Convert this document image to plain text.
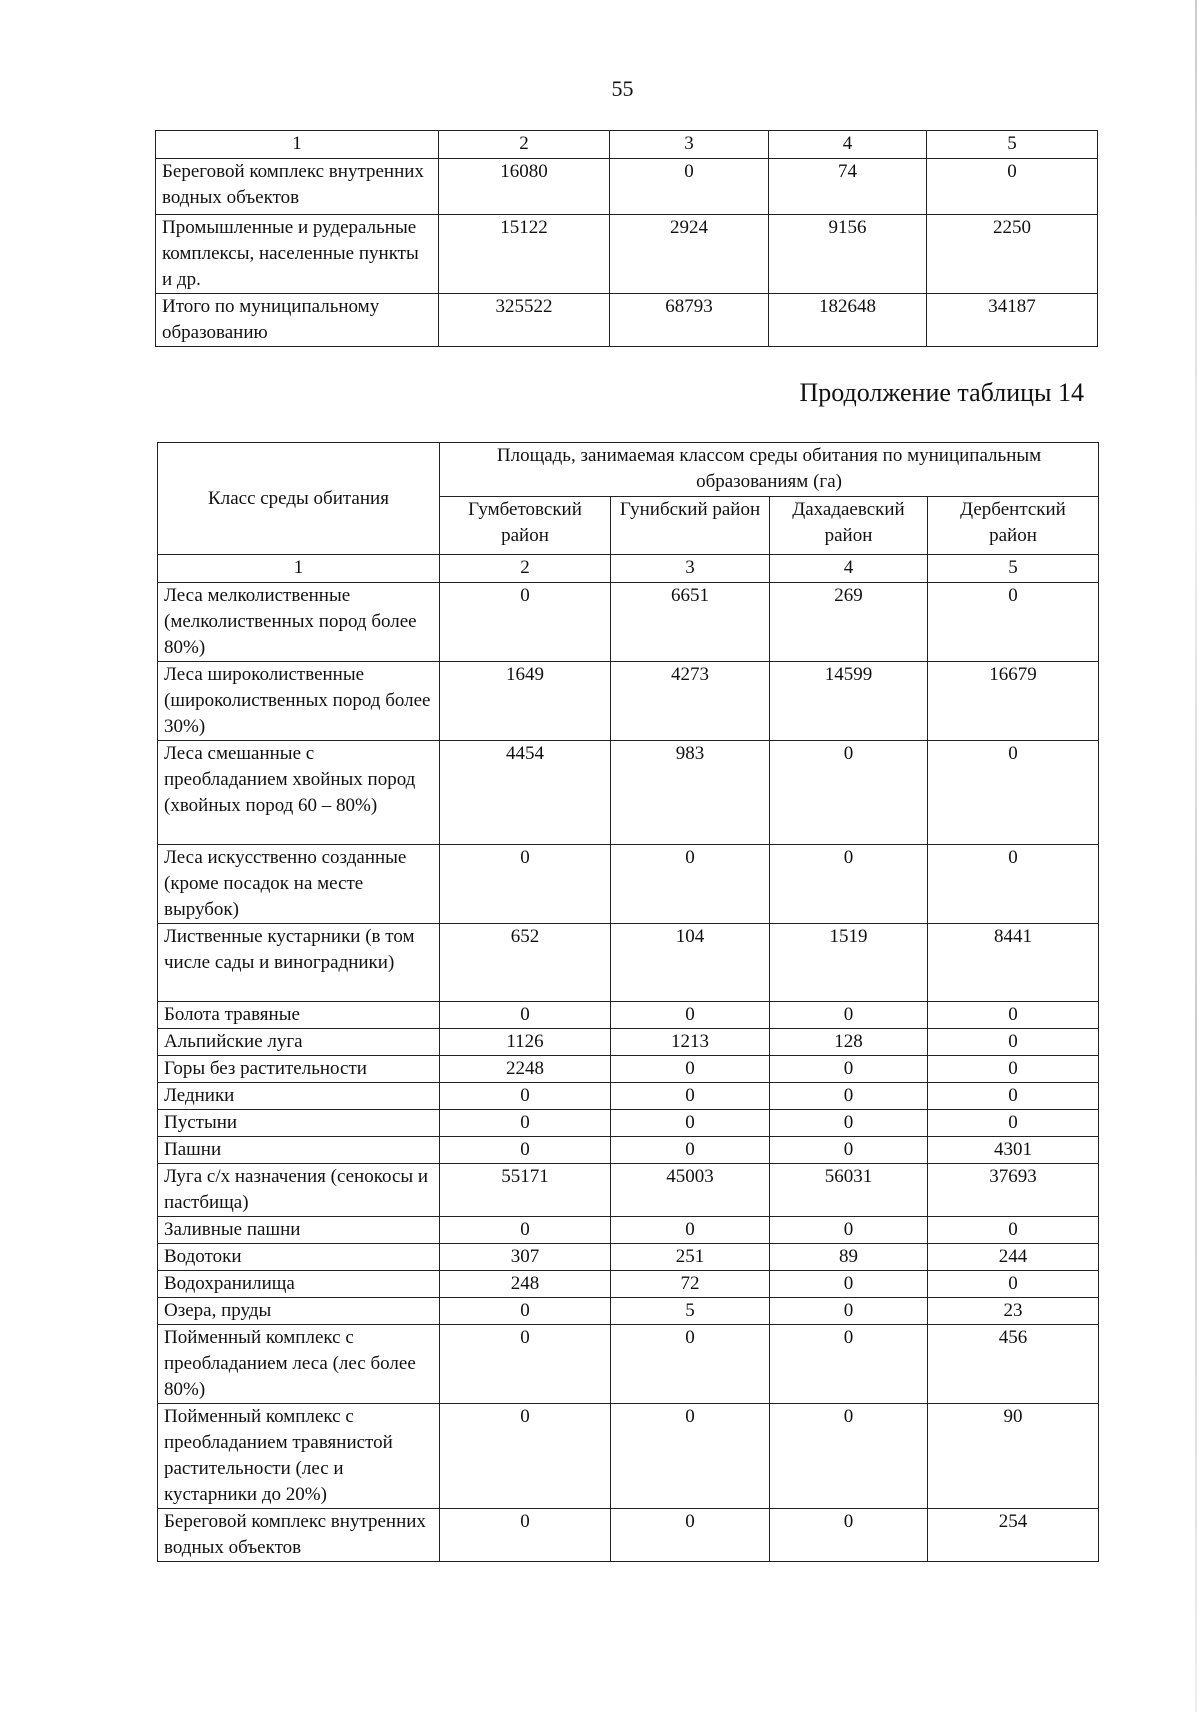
55
1	2	3	4	5
Береговой комплекс внутренних водных объектов	16080	0	74	0
Промышленные и рудеральные комплексы, населенные пункты и др.	15122	2924	9156	2250
Итого по муниципальному образованию	325522	68793	182648	34187
Продолжение таблицы 14
Класс среды обитания	Площадь, занимаемая классом среды обитания по муниципальным образованиям (га)			
	Гумбетовский район	Гунибский район	Дахадаевский район	Дербентский район
1	2	3	4	5
Леса мелколиственные (мелколиственных пород более 80%)	0	6651	269	0
Леса широколиственные (широколиственных пород более 30%)	1649	4273	14599	16679
Леса смешанные с преобладанием хвойных пород (хвойных пород 60 – 80%)	4454	983	0	0
Леса искусственно созданные (кроме посадок на месте вырубок)	0	0	0	0
Лиственные кустарники (в том числе сады и виноградники)	652	104	1519	8441
Болота травяные	0	0	0	0
Альпийские луга	1126	1213	128	0
Горы без растительности	2248	0	0	0
Ледники	0	0	0	0
Пустыни	0	0	0	0
Пашни	0	0	0	4301
Луга с/х назначения (сенокосы и пастбища)	55171	45003	56031	37693
Заливные пашни	0	0	0	0
Водотоки	307	251	89	244
Водохранилища	248	72	0	0
Озера, пруды	0	5	0	23
Пойменный комплекс с преобладанием леса (лес более 80%)	0	0	0	456
Пойменный комплекс с преобладанием травянистой растительности (лес и кустарники до 20%)	0	0	0	90
Береговой комплекс внутренних водных объектов	0	0	0	254
